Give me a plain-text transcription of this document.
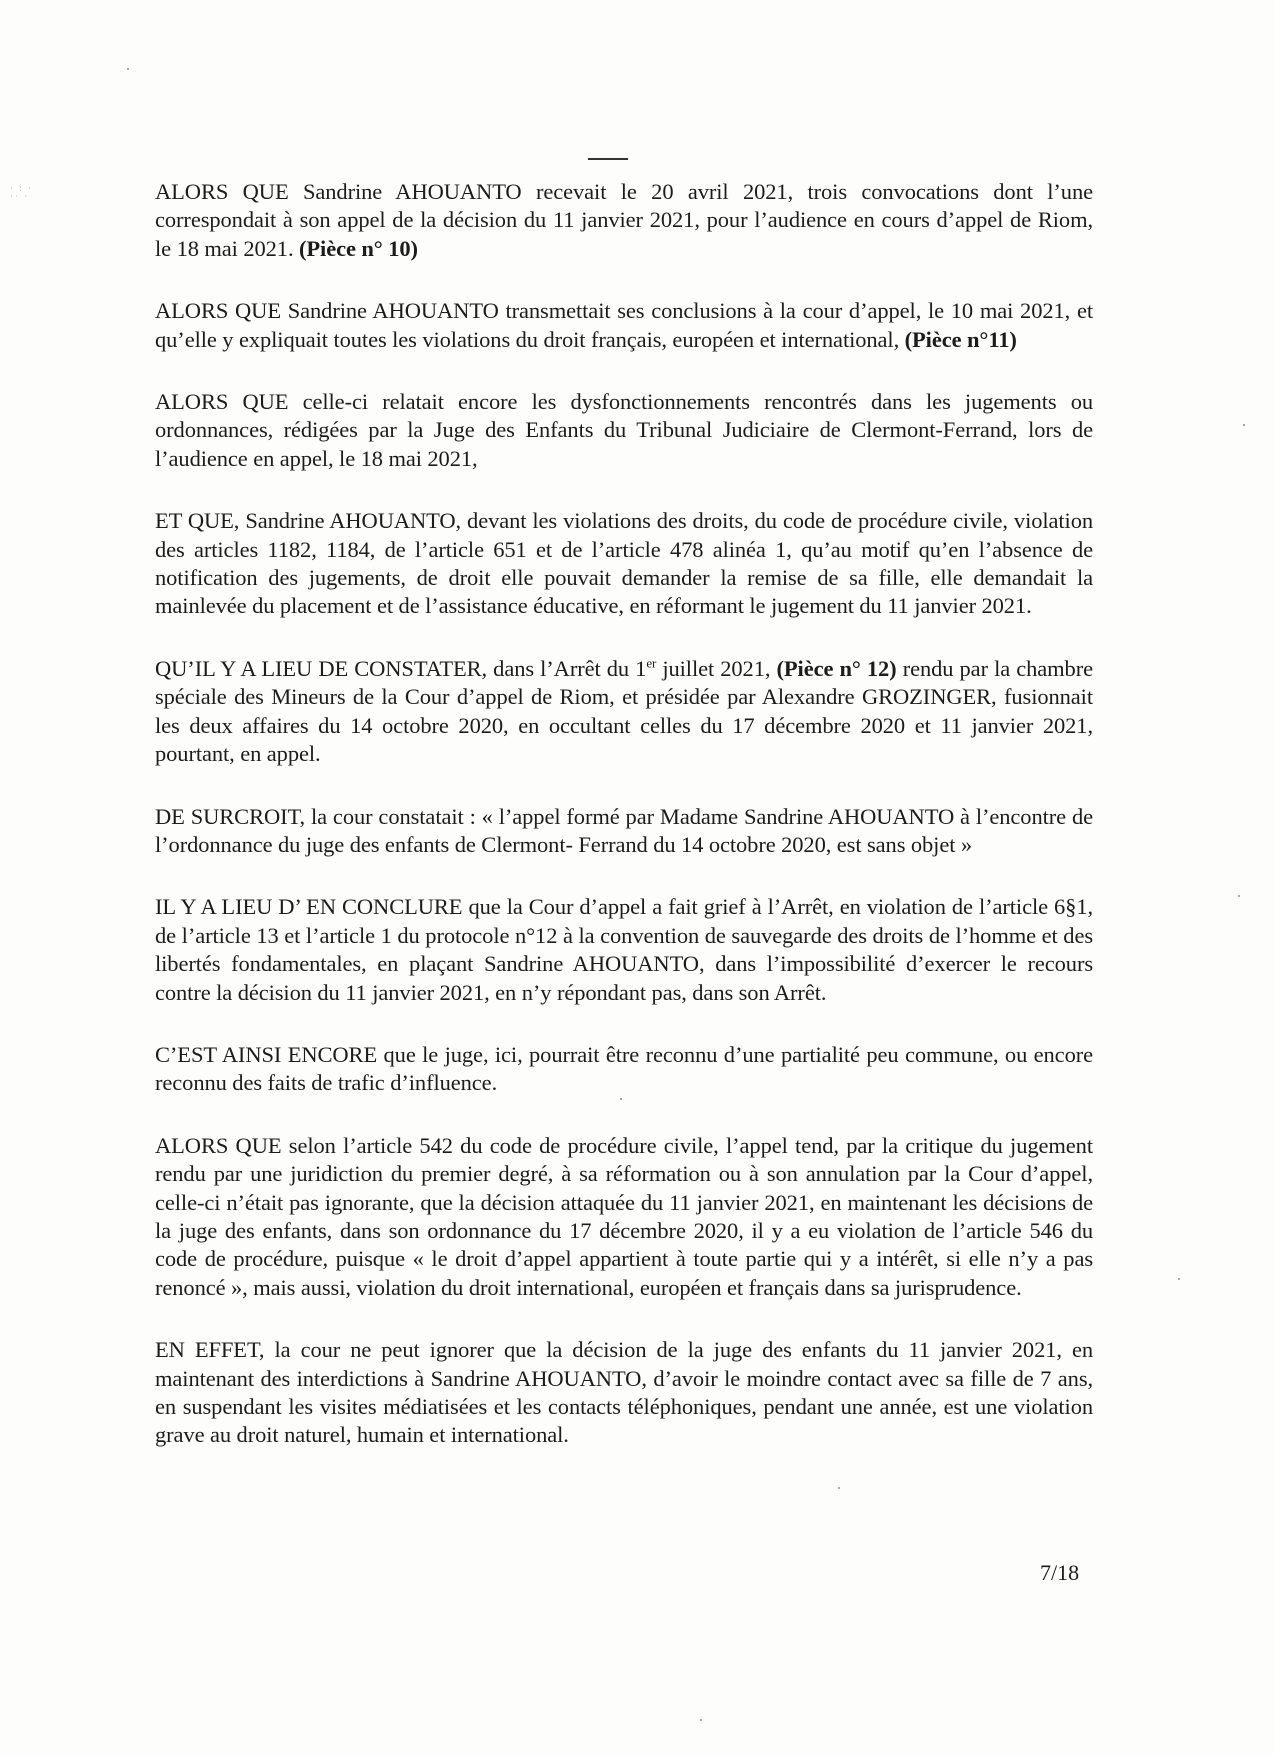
· : ·
·· ·	ALORS QUE Sandrine AHOUANTO recevait le 20 avril 2021, trois convocations dont l’une correspondait à son appel de la décision du 11 janvier 2021, pour l’audience en cours d’appel de Riom, le 18 mai 2021. (Pièce n° 10)

ALORS QUE Sandrine AHOUANTO transmettait ses conclusions à la cour d’appel, le 10 mai 2021, et qu’elle y expliquait toutes les violations du droit français, européen et international, (Pièce n°11)

ALORS QUE celle-ci relatait encore les dysfonctionnements rencontrés dans les jugements ou ordonnances, rédigées par la Juge des Enfants du Tribunal Judiciaire de Clermont-Ferrand, lors de l’audience en appel, le 18 mai 2021,

ET QUE, Sandrine AHOUANTO, devant les violations des droits, du code de procédure civile, violation des articles 1182, 1184, de l’article 651 et de l’article 478 alinéa 1, qu’au motif qu’en l’absence de notification des jugements, de droit elle pouvait demander la remise de sa fille, elle demandait la mainlevée du placement et de l’assistance éducative, en réformant le jugement du 11 janvier 2021.

QU’IL Y A LIEU DE CONSTATER, dans l’Arrêt du 1er juillet 2021, (Pièce n° 12) rendu par la chambre spéciale des Mineurs de la Cour d’appel de Riom, et présidée par Alexandre GROZINGER, fusionnait les deux affaires du 14 octobre 2020, en occultant celles du 17 décembre 2020 et 11 janvier 2021, pourtant, en appel.

DE SURCROIT, la cour constatait : « l’appel formé par Madame Sandrine AHOUANTO à l’encontre de l’ordonnance du juge des enfants de Clermont- Ferrand du 14 octobre 2020, est sans objet »

IL Y A LIEU D’ EN CONCLURE que la Cour d’appel a fait grief à l’Arrêt, en violation de l’article 6§1, de l’article 13 et l’article 1 du protocole n°12 à la convention de sauvegarde des droits de l’homme et des libertés fondamentales, en plaçant Sandrine AHOUANTO, dans l’impossibilité d’exercer le recours contre la décision du 11 janvier 2021, en n’y répondant pas, dans son Arrêt.

C’EST AINSI ENCORE que le juge, ici, pourrait être reconnu d’une partialité peu commune, ou encore reconnu des faits de trafic d’influence.

ALORS QUE selon l’article 542 du code de procédure civile, l’appel tend, par la critique du jugement rendu par une juridiction du premier degré, à sa réformation ou à son annulation par la Cour d’appel, celle-ci n’était pas ignorante, que la décision attaquée du 11 janvier 2021, en maintenant les décisions de la juge des enfants, dans son ordonnance du 17 décembre 2020, il y a eu violation de l’article 546 du code de procédure, puisque « le droit d’appel appartient à toute partie qui y a intérêt, si elle n’y a pas renoncé », mais aussi, violation du droit international, européen et français dans sa jurisprudence.

EN EFFET, la cour ne peut ignorer que la décision de la juge des enfants du 11 janvier 2021, en maintenant des interdictions à Sandrine AHOUANTO, d’avoir le moindre contact avec sa fille de 7 ans, en suspendant les visites médiatisées et les contacts téléphoniques, pendant une année, est une violation grave au droit naturel, humain et international.

7/18
